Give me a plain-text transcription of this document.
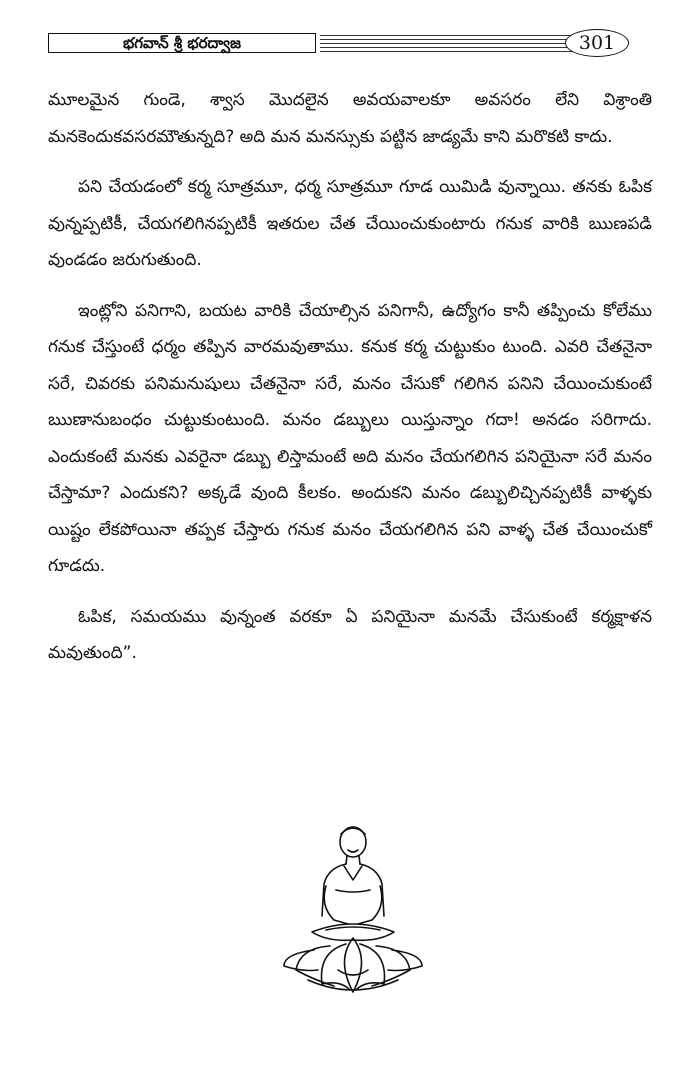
భగవాన్ శ్రీ భరద్వాజ	301

మూలమైన గుండె, శ్వాస మొదలైన అవయవాలకూ అవసరం లేని విశ్రాంతి మనకెందుకవసరమౌతున్నది? అది మన మనస్సుకు పట్టిన జాడ్యమే కాని మరొకటి కాదు.

పని చేయడంలో కర్మ సూత్రమూ, ధర్మ సూత్రమూ గూడ యిమిడి వున్నాయి. తనకు ఓపిక వున్నప్పటికీ, చేయగలిగినప్పటికీ ఇతరుల చేత చేయించుకుంటారు గనుక వారికి ఋణపడి వుండడం జరుగుతుంది.

ఇంట్లోని పనిగాని, బయట వారికి చేయాల్సిన పనిగానీ, ఉద్యోగం కానీ తప్పించు కోలేము గనుక చేస్తుంటే ధర్మం తప్పిన వారమవుతాము. కనుక కర్మ చుట్టుకుం టుంది. ఎవరి చేతనైనా సరే, చివరకు పనిమనుషులు చేతనైనా సరే, మనం చేసుకో గలిగిన పనిని చేయించుకుంటే ఋణానుబంధం చుట్టుకుంటుంది. మనం డబ్బులు యిస్తున్నాం గదా! అనడం సరిగాదు. ఎందుకంటే మనకు ఎవరైనా డబ్బు లిస్తామంటే అది మనం చేయగలిగిన పనియైనా సరే మనం చేస్తామా? ఎందుకని? అక్కడే వుంది కీలకం. అందుకని మనం డబ్బులిచ్చినప్పటికీ వాళ్ళకు యిష్టం లేకపోయినా తప్పక చేస్తారు గనుక మనం చేయగలిగిన పని వాళ్ళ చేత చేయించుకో గూడదు.

ఓపిక, సమయము వున్నంత వరకూ ఏ పనియైనా మనమే చేసుకుంటే కర్మక్షాళన మవుతుంది”.
